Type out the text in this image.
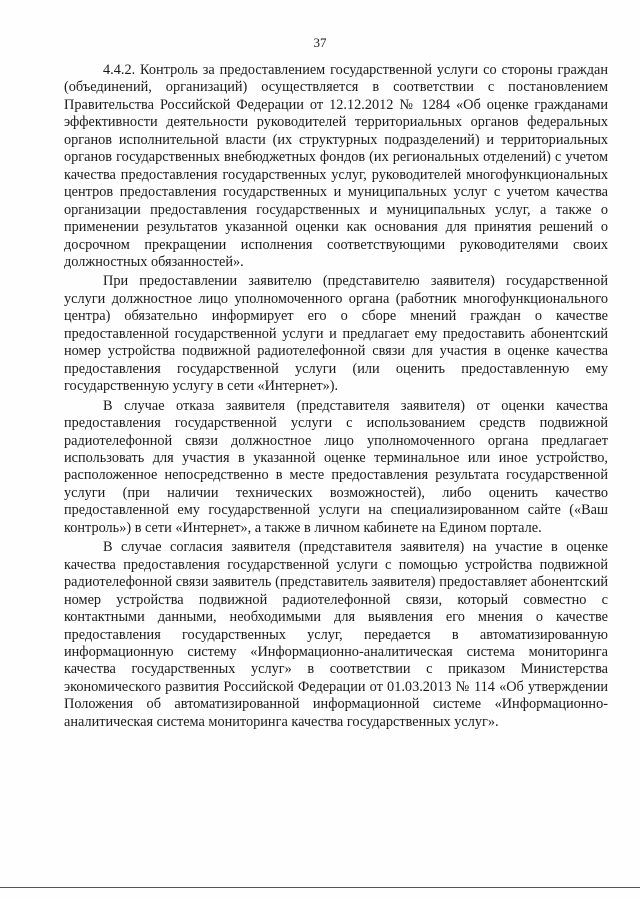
37

4.4.2. Контроль за предоставлением государственной услуги со стороны граждан (объединений, организаций) осуществляется в соответствии с постановлением Правительства Российской Федерации от 12.12.2012 № 1284 «Об оценке гражданами эффективности деятельности руководителей территориальных органов федеральных органов исполнительной власти (их структурных подразделений) и территориальных органов государственных внебюджетных фондов (их региональных отделений) с учетом качества предоставления государственных услуг, руководителей многофункциональных центров предоставления государственных и муниципальных услуг с учетом качества организации предоставления государственных и муниципальных услуг, а также о применении результатов указанной оценки как основания для принятия решений о досрочном прекращении исполнения соответствующими руководителями своих должностных обязанностей».

При предоставлении заявителю (представителю заявителя) государственной услуги должностное лицо уполномоченного органа (работник многофункционального центра) обязательно информирует его о сборе мнений граждан о качестве предоставленной государственной услуги и предлагает ему предоставить абонентский номер устройства подвижной радиотелефонной связи для участия в оценке качества предоставления государственной услуги (или оценить предоставленную ему государственную услугу в сети «Интернет»).

В случае отказа заявителя (представителя заявителя) от оценки качества предоставления государственной услуги с использованием средств подвижной радиотелефонной связи должностное лицо уполномоченного органа предлагает использовать для участия в указанной оценке терминальное или иное устройство, расположенное непосредственно в месте предоставления результата государственной услуги (при наличии технических возможностей), либо оценить качество предоставленной ему государственной услуги на специализированном сайте («Ваш контроль») в сети «Интернет», а также в личном кабинете на Едином портале.

В случае согласия заявителя (представителя заявителя) на участие в оценке качества предоставления государственной услуги с помощью устройства подвижной радиотелефонной связи заявитель (представитель заявителя) предоставляет абонентский номер устройства подвижной радиотелефонной связи, который совместно с контактными данными, необходимыми для выявления его мнения о качестве предоставления государственных услуг, передается в автоматизированную информационную систему «Информационно-аналитическая система мониторинга качества государственных услуг» в соответствии с приказом Министерства экономического развития Российской Федерации от 01.03.2013 № 114 «Об утверждении Положения об автоматизированной информационной системе «Информационно-аналитическая система мониторинга качества государственных услуг».
